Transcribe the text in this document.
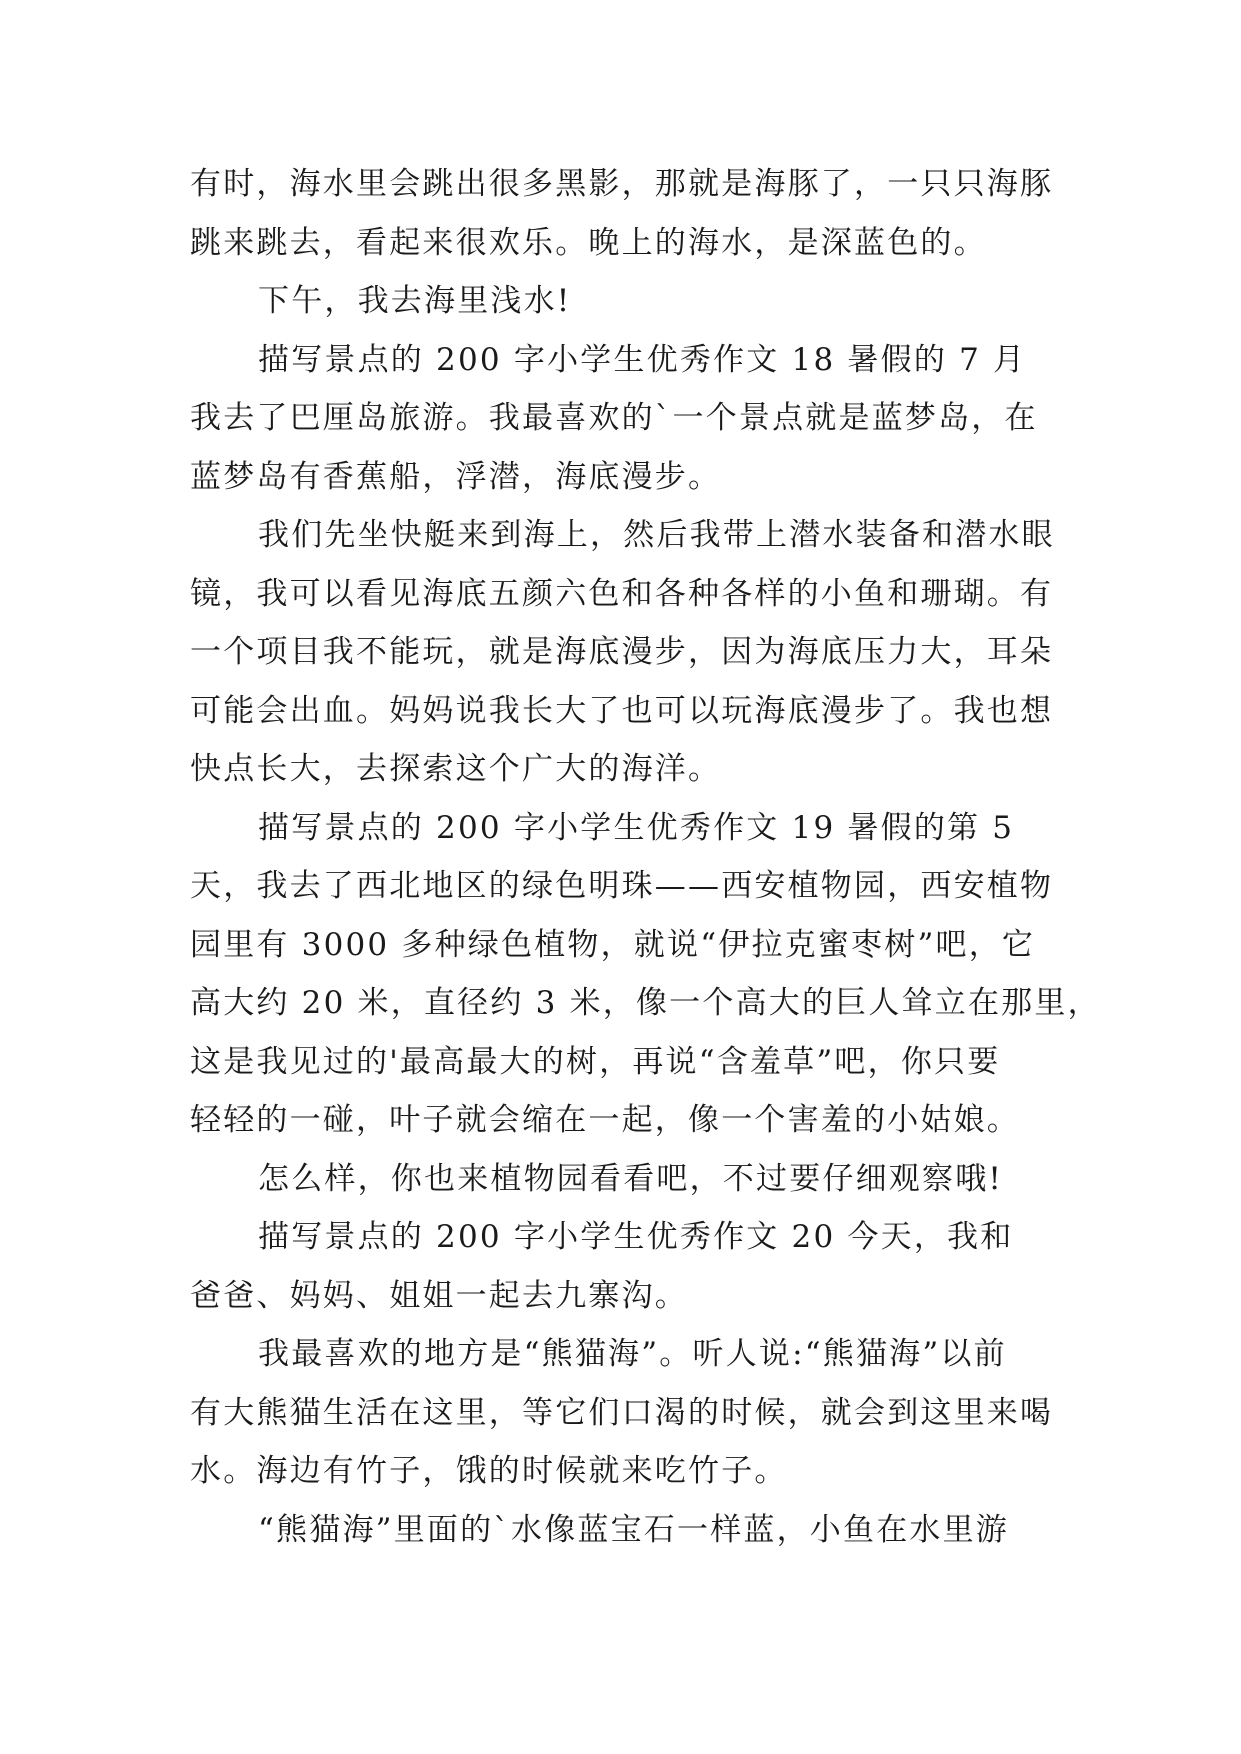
有时，海水里会跳出很多黑影，那就是海豚了，一只只海豚
跳来跳去，看起来很欢乐。晚上的海水，是深蓝色的。
下午，我去海里浅水!
描写景点的 200 字小学生优秀作文 18 暑假的 7 月
我去了巴厘岛旅游。我最喜欢的`一个景点就是蓝梦岛，在
蓝梦岛有香蕉船，浮潜，海底漫步。
我们先坐快艇来到海上，然后我带上潜水装备和潜水眼
镜，我可以看见海底五颜六色和各种各样的小鱼和珊瑚。有
一个项目我不能玩，就是海底漫步，因为海底压力大，耳朵
可能会出血。妈妈说我长大了也可以玩海底漫步了。我也想
快点长大，去探索这个广大的海洋。
描写景点的 200 字小学生优秀作文 19 暑假的第 5
天，我去了西北地区的绿色明珠——西安植物园，西安植物
园里有 3000 多种绿色植物，就说“伊拉克蜜枣树”吧，它
高大约 20 米，直径约 3 米，像一个高大的巨人耸立在那里，
这是我见过的'最高最大的树，再说“含羞草”吧，你只要
轻轻的一碰，叶子就会缩在一起，像一个害羞的小姑娘。
怎么样，你也来植物园看看吧，不过要仔细观察哦!
描写景点的 200 字小学生优秀作文 20 今天，我和
爸爸、妈妈、姐姐一起去九寨沟。
我最喜欢的地方是“熊猫海”。听人说:“熊猫海”以前
有大熊猫生活在这里，等它们口渴的时候，就会到这里来喝
水。海边有竹子，饿的时候就来吃竹子。
“熊猫海”里面的`水像蓝宝石一样蓝，小鱼在水里游
